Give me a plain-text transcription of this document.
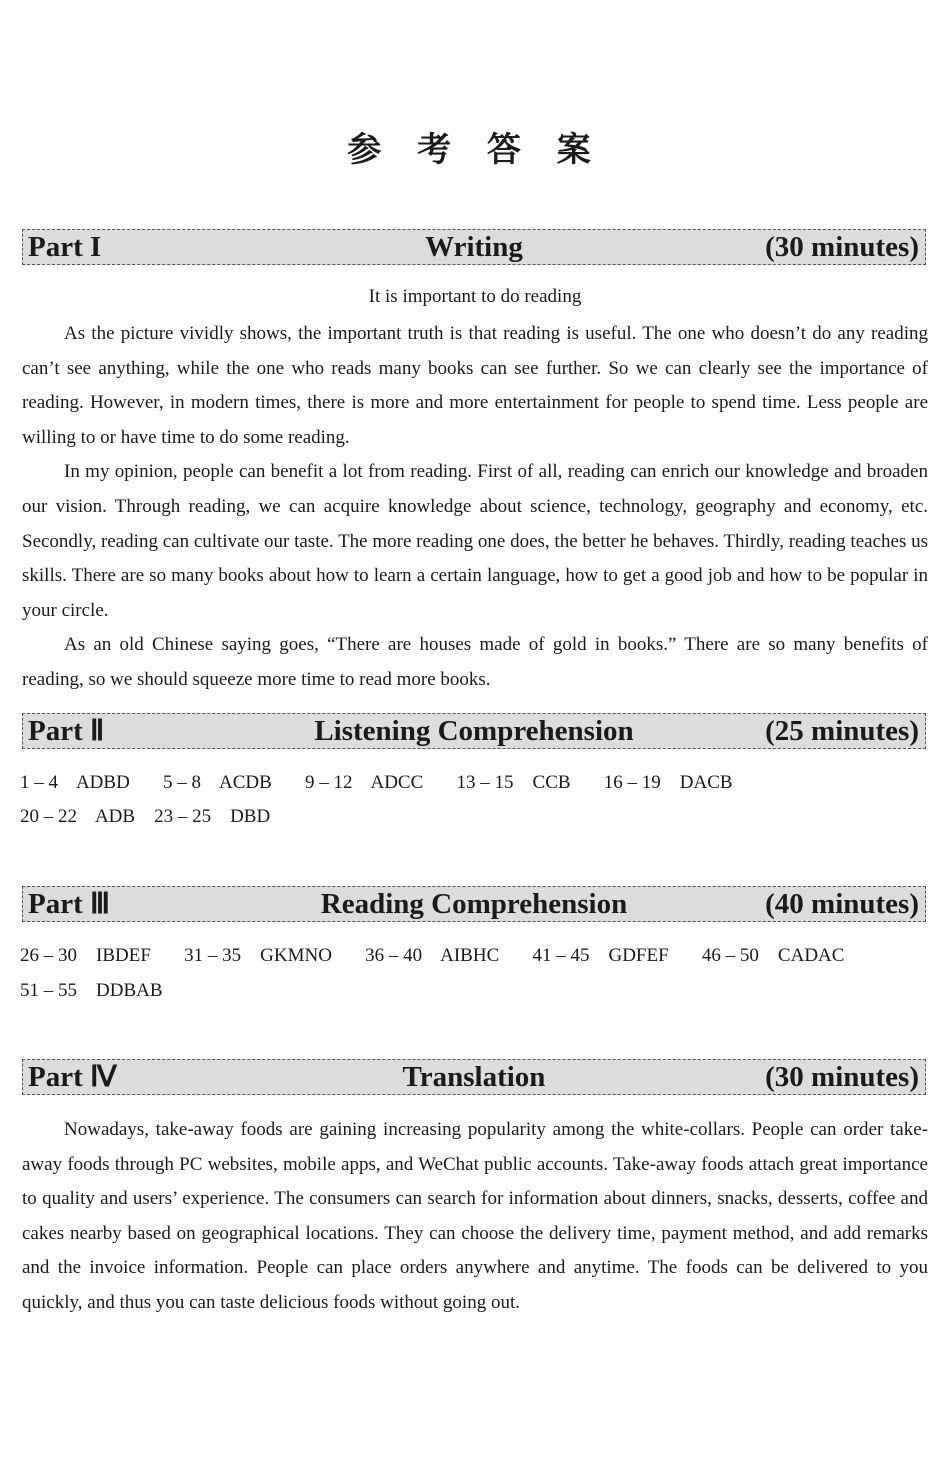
参 考 答 案
Part I	Writing	(30 minutes)
It is important to do reading

As the picture vividly shows, the important truth is that reading is useful. The one who doesn’t do any reading can’t see anything, while the one who reads many books can see further. So we can clearly see the importance of reading. However, in modern times, there is more and more entertainment for people to spend time. Less people are willing to or have time to do some reading.

In my opinion, people can benefit a lot from reading. First of all, reading can enrich our knowledge and broaden our vision. Through reading, we can acquire knowledge about science, technology, geography and economy, etc. Secondly, reading can cultivate our taste. The more reading one does, the better he behaves. Thirdly, reading teaches us skills. There are so many books about how to learn a certain language, how to get a good job and how to be popular in your circle.

As an old Chinese saying goes, “There are houses made of gold in books.” There are so many benefits of reading, so we should squeeze more time to read more books.

Part Ⅱ	Listening Comprehension	(25 minutes)
1 – 4    ADBD       5 – 8    ACDB       9 – 12    ADCC       13 – 15    CCB       16 – 19    DACB
20 – 22    ADB    23 – 25    DBD
Part Ⅲ	Reading Comprehension	(40 minutes)
26 – 30    IBDEF       31 – 35    GKMNO       36 – 40    AIBHC       41 – 45    GDFEF       46 – 50    CADAC
51 – 55    DDBAB
Part Ⅳ	Translation	(30 minutes)

Nowadays, take-away foods are gaining increasing popularity among the white-collars. People can order take-away foods through PC websites, mobile apps, and WeChat public accounts. Take-away foods attach great importance to quality and users’ experience. The consumers can search for information about dinners, snacks, desserts, coffee and cakes nearby based on geographical locations. They can choose the delivery time, payment method, and add remarks and the invoice information. People can place orders anywhere and anytime. The foods can be delivered to you quickly, and thus you can taste delicious foods without going out.
